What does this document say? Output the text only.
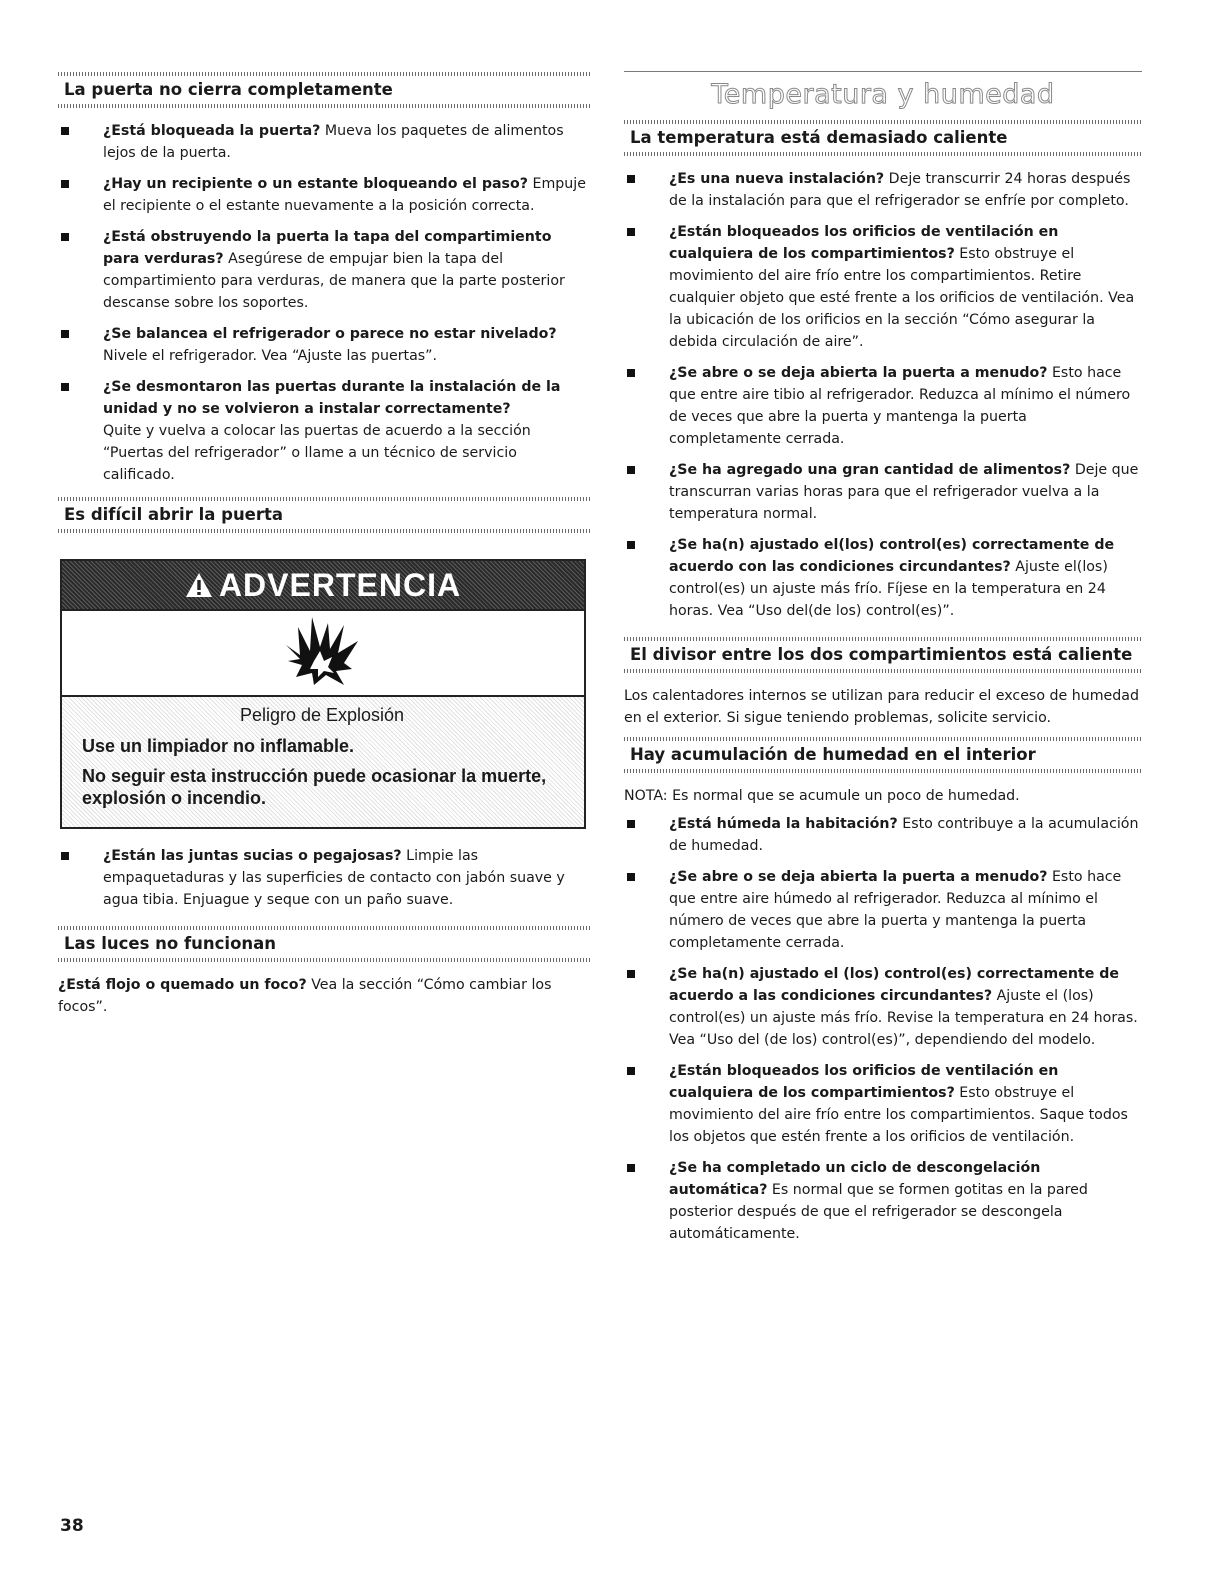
La puerta no cierra completamente
¿Está bloqueada la puerta? Mueva los paquetes de alimentos lejos de la puerta.
¿Hay un recipiente o un estante bloqueando el paso? Empuje el recipiente o el estante nuevamente a la posición correcta.
¿Está obstruyendo la puerta la tapa del compartimiento para verduras? Asegúrese de empujar bien la tapa del compartimiento para verduras, de manera que la parte posterior descanse sobre los soportes.
¿Se balancea el refrigerador o parece no estar nivelado? Nivele el refrigerador. Vea “Ajuste las puertas”.
¿Se desmontaron las puertas durante la instalación de la unidad y no se volvieron a instalar correctamente?
Quite y vuelva a colocar las puertas de acuerdo a la sección “Puertas del refrigerador” o llame a un técnico de servicio calificado.
Es difícil abrir la puerta
ADVERTENCIA
Peligro de Explosión
Use un limpiador no inflamable.
No seguir esta instrucción puede ocasionar la muerte, explosión o incendio.
¿Están las juntas sucias o pegajosas? Limpie las empaquetaduras y las superficies de contacto con jabón suave y agua tibia. Enjuague y seque con un paño suave.
Las luces no funcionan

¿Está flojo o quemado un foco? Vea la sección “Cómo cambiar los focos”.

Temperatura y humedad
La temperatura está demasiado caliente
¿Es una nueva instalación? Deje transcurrir 24 horas después de la instalación para que el refrigerador se enfríe por completo.
¿Están bloqueados los orificios de ventilación en cualquiera de los compartimientos? Esto obstruye el movimiento del aire frío entre los compartimientos. Retire cualquier objeto que esté frente a los orificios de ventilación. Vea la ubicación de los orificios en la sección “Cómo asegurar la debida circulación de aire”.
¿Se abre o se deja abierta la puerta a menudo? Esto hace que entre aire tibio al refrigerador. Reduzca al mínimo el número de veces que abre la puerta y mantenga la puerta completamente cerrada.
¿Se ha agregado una gran cantidad de alimentos? Deje que transcurran varias horas para que el refrigerador vuelva a la temperatura normal.
¿Se ha(n) ajustado el(los) control(es) correctamente de acuerdo con las condiciones circundantes? Ajuste el(los) control(es) un ajuste más frío. Fíjese en la temperatura en 24 horas. Vea “Uso del(de los) control(es)”.
El divisor entre los dos compartimientos está caliente

Los calentadores internos se utilizan para reducir el exceso de humedad en el exterior. Si sigue teniendo problemas, solicite servicio.

Hay acumulación de humedad en el interior

NOTA: Es normal que se acumule un poco de humedad.

¿Está húmeda la habitación? Esto contribuye a la acumulación de humedad.
¿Se abre o se deja abierta la puerta a menudo? Esto hace que entre aire húmedo al refrigerador. Reduzca al mínimo el número de veces que abre la puerta y mantenga la puerta completamente cerrada.
¿Se ha(n) ajustado el (los) control(es) correctamente de acuerdo a las condiciones circundantes? Ajuste el (los) control(es) un ajuste más frío. Revise la temperatura en 24 horas. Vea “Uso del (de los) control(es)”, dependiendo del modelo.
¿Están bloqueados los orificios de ventilación en cualquiera de los compartimientos? Esto obstruye el movimiento del aire frío entre los compartimientos. Saque todos los objetos que estén frente a los orificios de ventilación.
¿Se ha completado un ciclo de descongelación automática? Es normal que se formen gotitas en la pared posterior después de que el refrigerador se descongela automáticamente.
38
